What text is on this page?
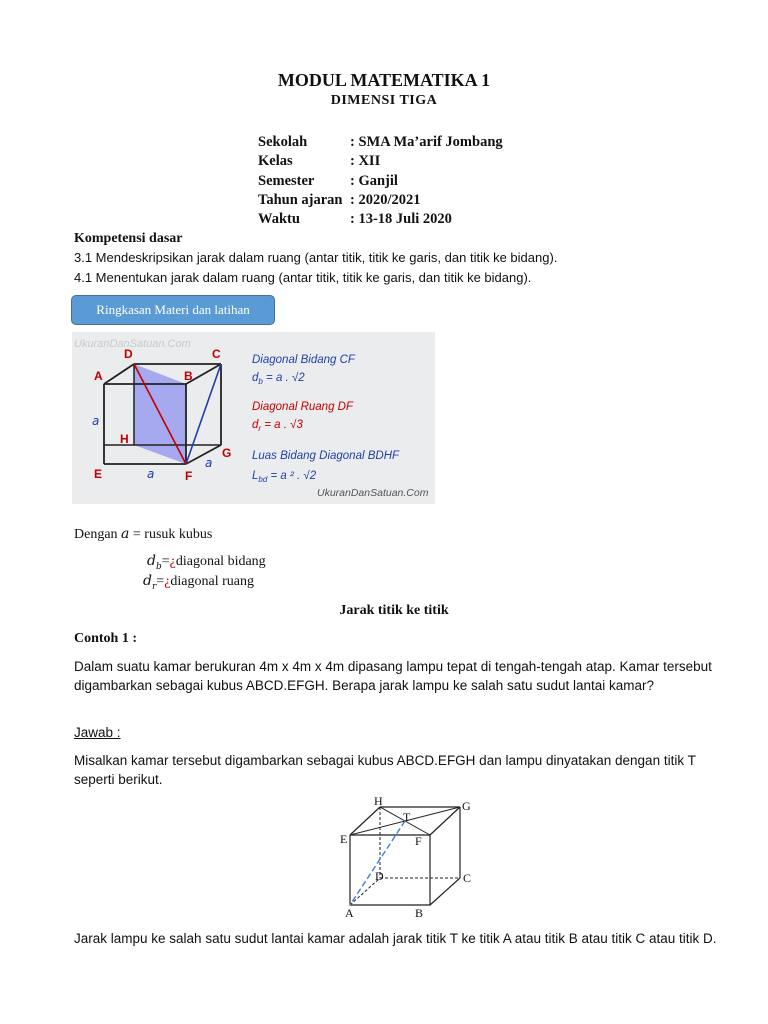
MODUL MATEMATIKA 1
DIMENSI TIGA
Sekolah	: SMA Ma’arif Jombang
Kelas	: XII
Semester	: Ganjil
Tahun ajaran : 2020/2021
Waktu	: 13-18 Juli 2020
Kompetensi dasar
3.1 Mendeskripsikan jarak dalam ruang (antar titik, titik ke garis, dan titik ke bidang).
4.1 Menentukan jarak dalam ruang (antar titik, titik ke garis, dan titik ke bidang).
Ringkasan Materi dan latihan
UkuranDanSatuan.Com
D	C
A	B
H
G
E	F
a
a
a
Diagonal Bidang CF
$d_b = a$ . √2
Diagonal Ruang DF
$d_r = a$ . √3
Luas Bidang Diagonal BDHF
$L_{bd} = a$ ² . √2
UkuranDanSatuan.Com
Dengan a = rusuk kubus
$d_b=¿diagonal$ bidang
$d_r=¿diagonal$ ruang
Jarak titik ke titik
Contoh 1 :
Dalam suatu kamar berukuran 4m x 4m x 4m dipasang lampu tepat di tengah-tengah atap. Kamar tersebut digambarkan sebagai kubus ABCD.EFGH. Berapa jarak lampu ke salah satu sudut lantai kamar?
Jawab :
Misalkan kamar tersebut digambarkan sebagai kubus ABCD.EFGH dan lampu dinyatakan dengan titik T seperti berikut.
H	G
T
E	F
D	C
A	B
Jarak lampu ke salah satu sudut lantai kamar adalah jarak titik T ke titik A atau titik B atau titik C atau titik D.
